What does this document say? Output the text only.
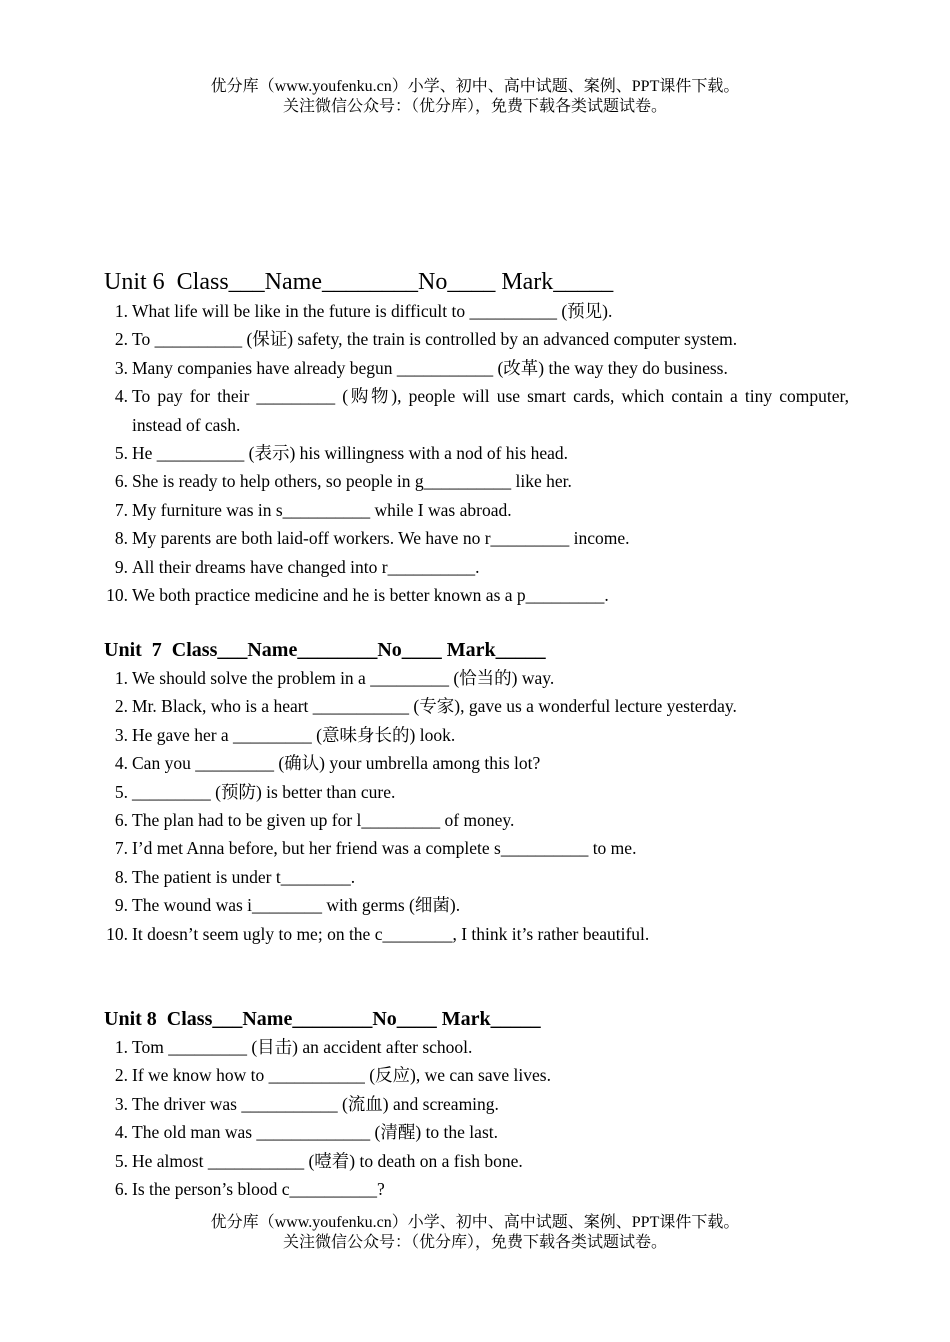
优分库（www.youfenku.cn）小学、初中、高中试题、案例、PPT课件下载。
关注微信公众号：（优分库），免费下载各类试题试卷。
Unit 6  Class___Name________No____ Mark_____
1. What life will be like in the future is difficult to __________ (预见).
2. To __________ (保证) safety, the train is controlled by an advanced computer system.
3. Many companies have already begun ___________ (改革) the way they do business.
4. To pay for their _________ (购物), people will use smart cards, which contain a tiny computer, instead of cash.
5. He __________ (表示) his willingness with a nod of his head.
6. She is ready to help others, so people in g__________ like her.
7. My furniture was in s__________ while I was abroad.
8. My parents are both laid-off workers. We have no r_________ income.
9. All their dreams have changed into r__________.
10. We both practice medicine and he is better known as a p_________.
Unit  7  Class___Name________No____ Mark_____
1. We should solve the problem in a _________ (恰当的) way.
2. Mr. Black, who is a heart ___________ (专家), gave us a wonderful lecture yesterday.
3. He gave her a _________ (意味身长的) look.
4. Can you _________ (确认) your umbrella among this lot?
5. _________ (预防) is better than cure.
6. The plan had to be given up for l_________ of money.
7. I’d met Anna before, but her friend was a complete s__________ to me.
8. The patient is under t________.
9. The wound was i________ with germs (细菌).
10. It doesn’t seem ugly to me; on the c________, I think it’s rather beautiful.
Unit 8  Class___Name________No____ Mark_____
1. Tom _________ (目击) an accident after school.
2. If we know how to ___________ (反应), we can save lives.
3. The driver was ___________ (流血) and screaming.
4. The old man was _____________ (清醒) to the last.
5. He almost ___________ (噎着) to death on a fish bone.
6. Is the person’s blood c__________?
优分库（www.youfenku.cn）小学、初中、高中试题、案例、PPT课件下载。
关注微信公众号：（优分库），免费下载各类试题试卷。
